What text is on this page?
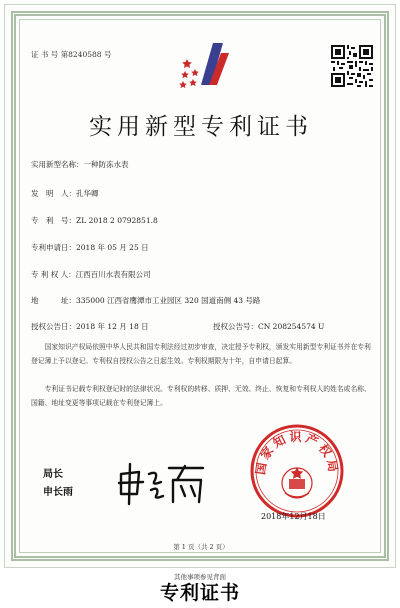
证 书 号 第8240588 号
实用新型专利证书
实用新型名称：一种防冻水表
发　明　人：孔华卿
专　利　号：ZL 2018 2 0792851.8
专利申请日：2018 年 05 月 25 日
专 利 权 人：江西百川水表有限公司
地　　　址：335000 江西省鹰潭市工业园区 320 国道南侧 43 号路
授权公告日：2018 年 12 月 18 日	授权公告号：CN 208254574 U
国家知识产权局依照中华人民共和国专利法经过初步审查，决定授予专利权，颁发实用新型专利证书并在专利登记簿上予以登记。专利权自授权公告之日起生效。专利权期限为十年，自申请日起算。
专利证书记载专利权登记时的法律状况。专利权的转移、质押、无效、终止、恢复和专利权人的姓名或名称、国籍、地址变更等事项记载在专利登记簿上。
局长
申长雨
国家知识产权局
2018年12月18日
第 1 页（共 2 页）
其他事项参见背面
专利证书
